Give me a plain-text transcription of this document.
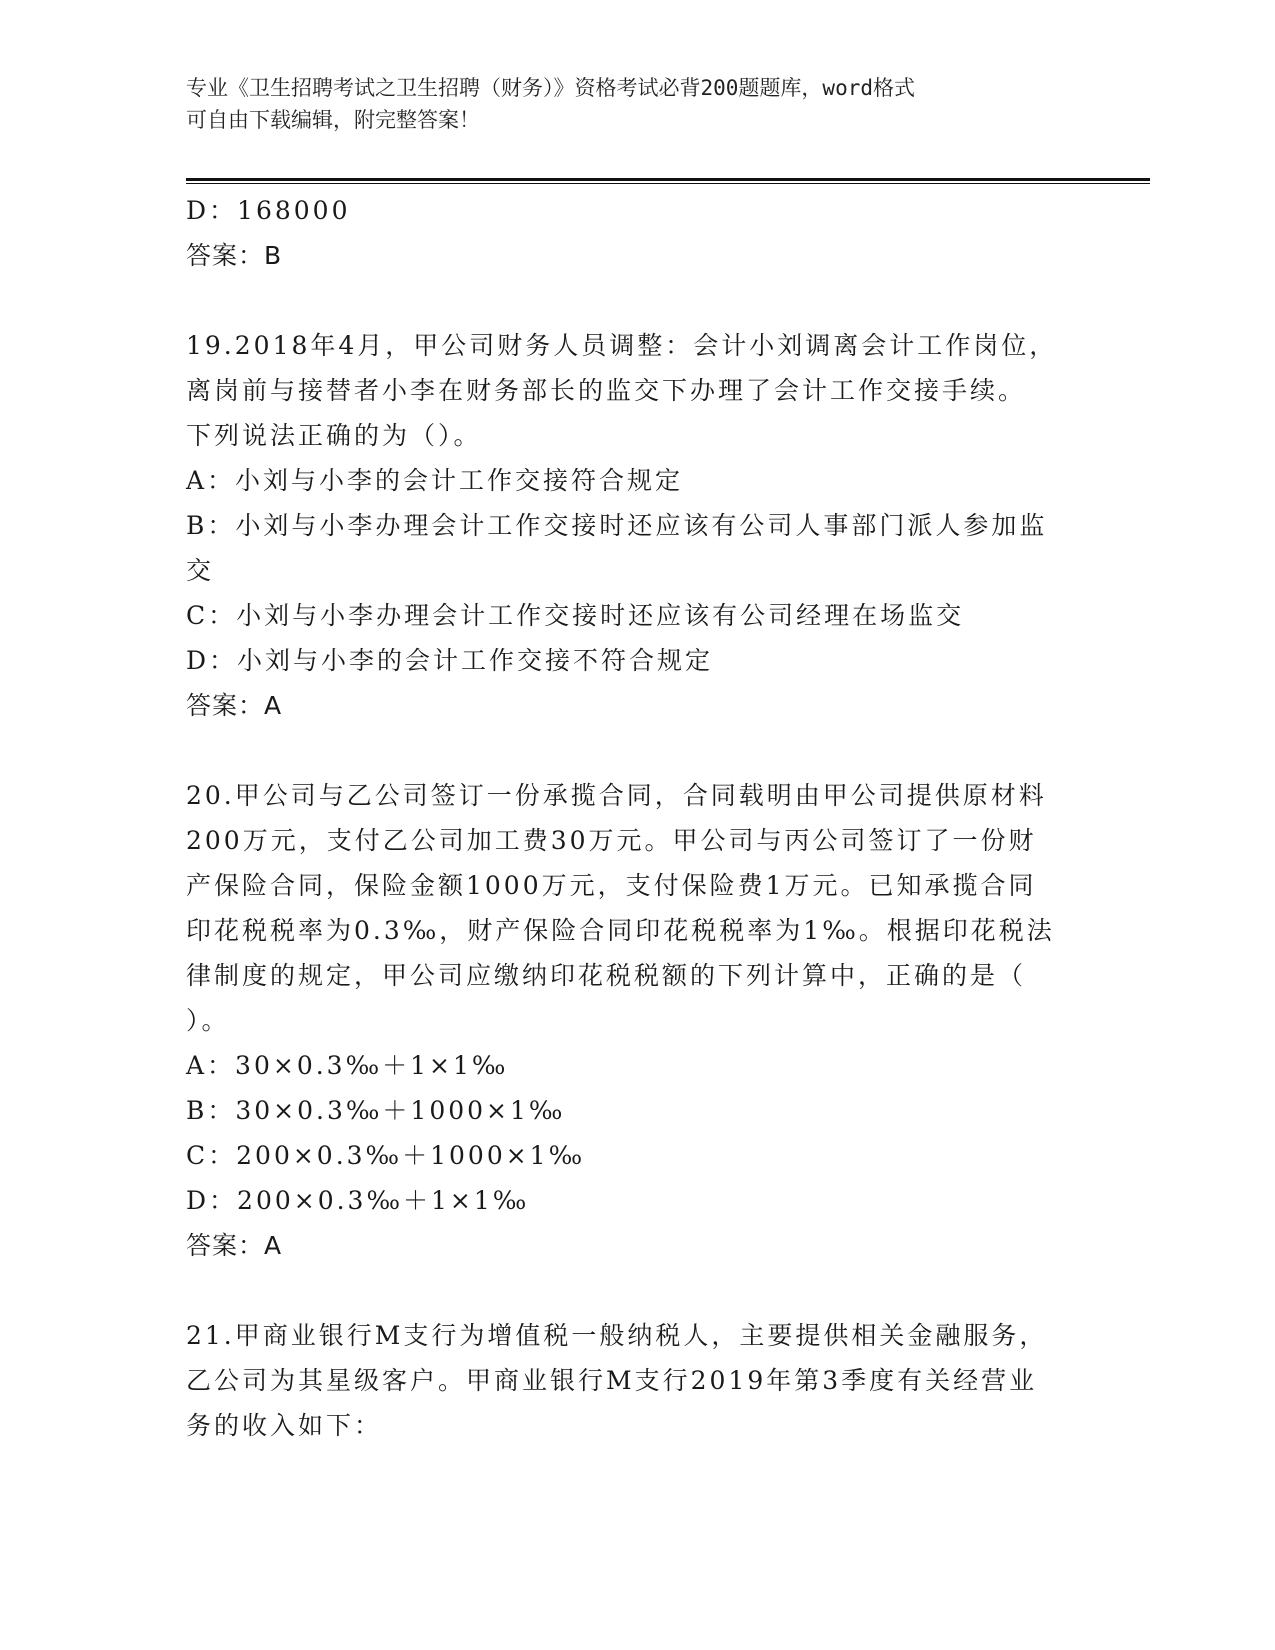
专业《卫生招聘考试之卫生招聘（财务）》资格考试必背200题题库，word格式
可自由下载编辑，附完整答案！
D：168000
答案：B
19.2018年4月，甲公司财务人员调整：会计小刘调离会计工作岗位，
离岗前与接替者小李在财务部长的监交下办理了会计工作交接手续。
下列说法正确的为（）。
A：小刘与小李的会计工作交接符合规定
B：小刘与小李办理会计工作交接时还应该有公司人事部门派人参加监
交
C：小刘与小李办理会计工作交接时还应该有公司经理在场监交
D：小刘与小李的会计工作交接不符合规定
答案：A
20.甲公司与乙公司签订一份承揽合同，合同载明由甲公司提供原材料
200万元，支付乙公司加工费30万元。甲公司与丙公司签订了一份财
产保险合同，保险金额1000万元，支付保险费1万元。已知承揽合同
印花税税率为0.3‰，财产保险合同印花税税率为1‰。根据印花税法
律制度的规定，甲公司应缴纳印花税税额的下列计算中，正确的是（
）。
A：30×0.3‰＋1×1‰
B：30×0.3‰＋1000×1‰
C：200×0.3‰＋1000×1‰
D：200×0.3‰＋1×1‰
答案：A
21.甲商业银行M支行为增值税一般纳税人，主要提供相关金融服务，
乙公司为其星级客户。甲商业银行M支行2019年第3季度有关经营业
务的收入如下：
